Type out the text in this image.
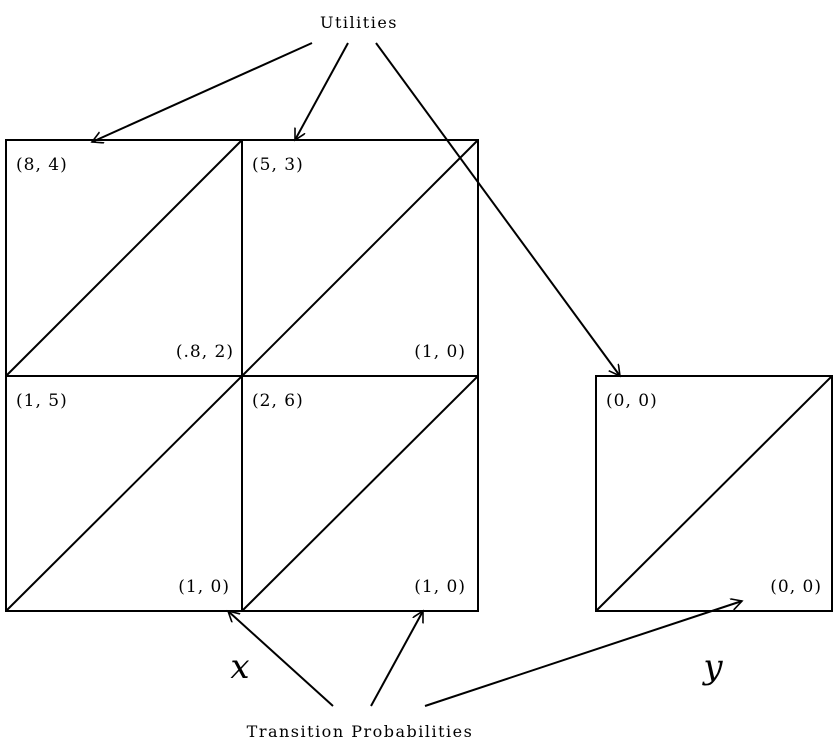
Utilities
Transition Probabilities
(8, 4)
(.8, 2)
(5, 3)
(1, 0)
(1, 5)
(1, 0)
(2, 6)
(1, 0)
(0, 0)
(0, 0)
x	y
